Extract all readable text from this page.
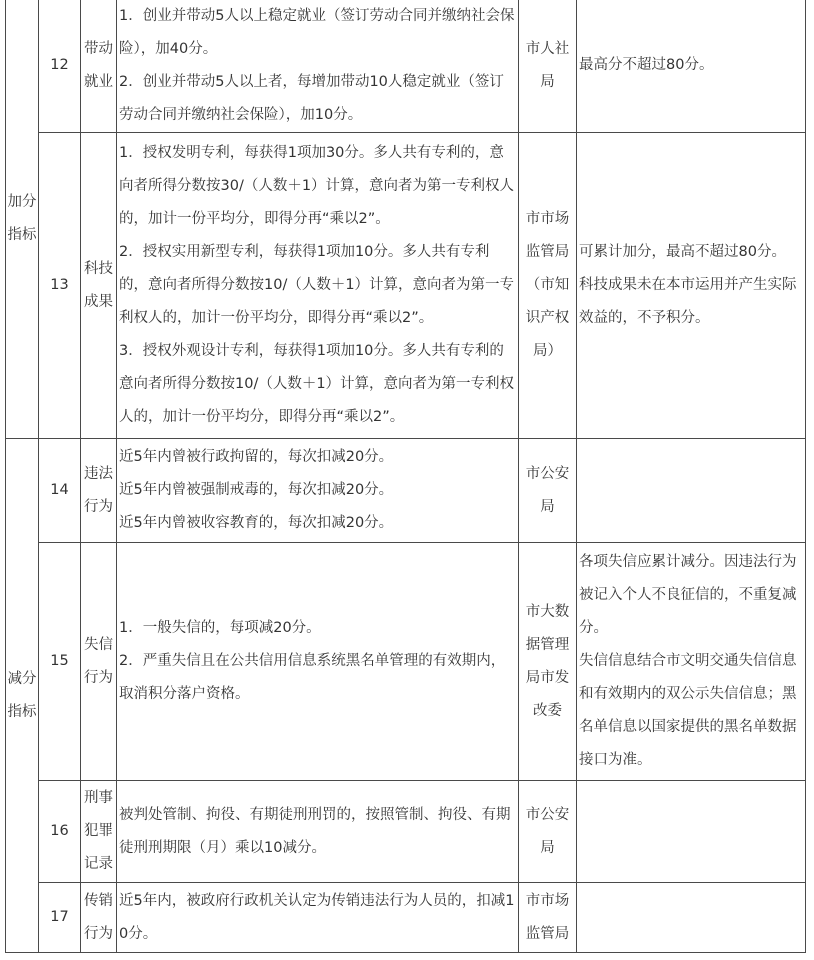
加分指标	12	带动就业	1．创业并带动5人以上稳定就业（签订劳动合同并缴纳社会保险），加40分。
2．创业并带动5人以上者，每增加带动10人稳定就业（签订劳动合同并缴纳社会保险），加10分。	市人社局	最高分不超过80分。

	13	科技成果	1．授权发明专利，每获得1项加30分。多人共有专利的，意向者所得分数按30/（人数＋1）计算，意向者为第一专利权人的，加计一份平均分，即得分再“乘以2”。
2．授权实用新型专利，每获得1项加10分。多人共有专利的，意向者所得分数按10/（人数＋1）计算，意向者为第一专利权人的，加计一份平均分，即得分再“乘以2”。
3．授权外观设计专利，每获得1项加10分。多人共有专利的意向者所得分数按10/（人数＋1）计算，意向者为第一专利权人的，加计一份平均分，即得分再“乘以2”。	市市场监管局（市知识产权局）	可累计加分，最高不超过80分。
科技成果未在本市运用并产生实际效益的，不予积分。

减分指标	14	违法行为	近5年内曾被行政拘留的，每次扣减20分。
近5年内曾被强制戒毒的，每次扣减20分。
近5年内曾被收容教育的，每次扣减20分。	市公安局	
	15	失信行为	1．一般失信的，每项减20分。
2．严重失信且在公共信用信息系统黑名单管理的有效期内，取消积分落户资格。	市大数据管理局市发改委	各项失信应累计减分。因违法行为被记入个人不良征信的，不重复减分。
失信信息结合市文明交通失信信息和有效期内的双公示失信信息；黑名单信息以国家提供的黑名单数据接口为准。

	16	刑事犯罪记录	被判处管制、拘役、有期徒刑刑罚的，按照管制、拘役、有期徒刑刑期限（月）乘以10减分。	市公安局	
	17	传销行为	近5年内，被政府行政机关认定为传销违法行为人员的，扣减10分。	市市场监管局	
